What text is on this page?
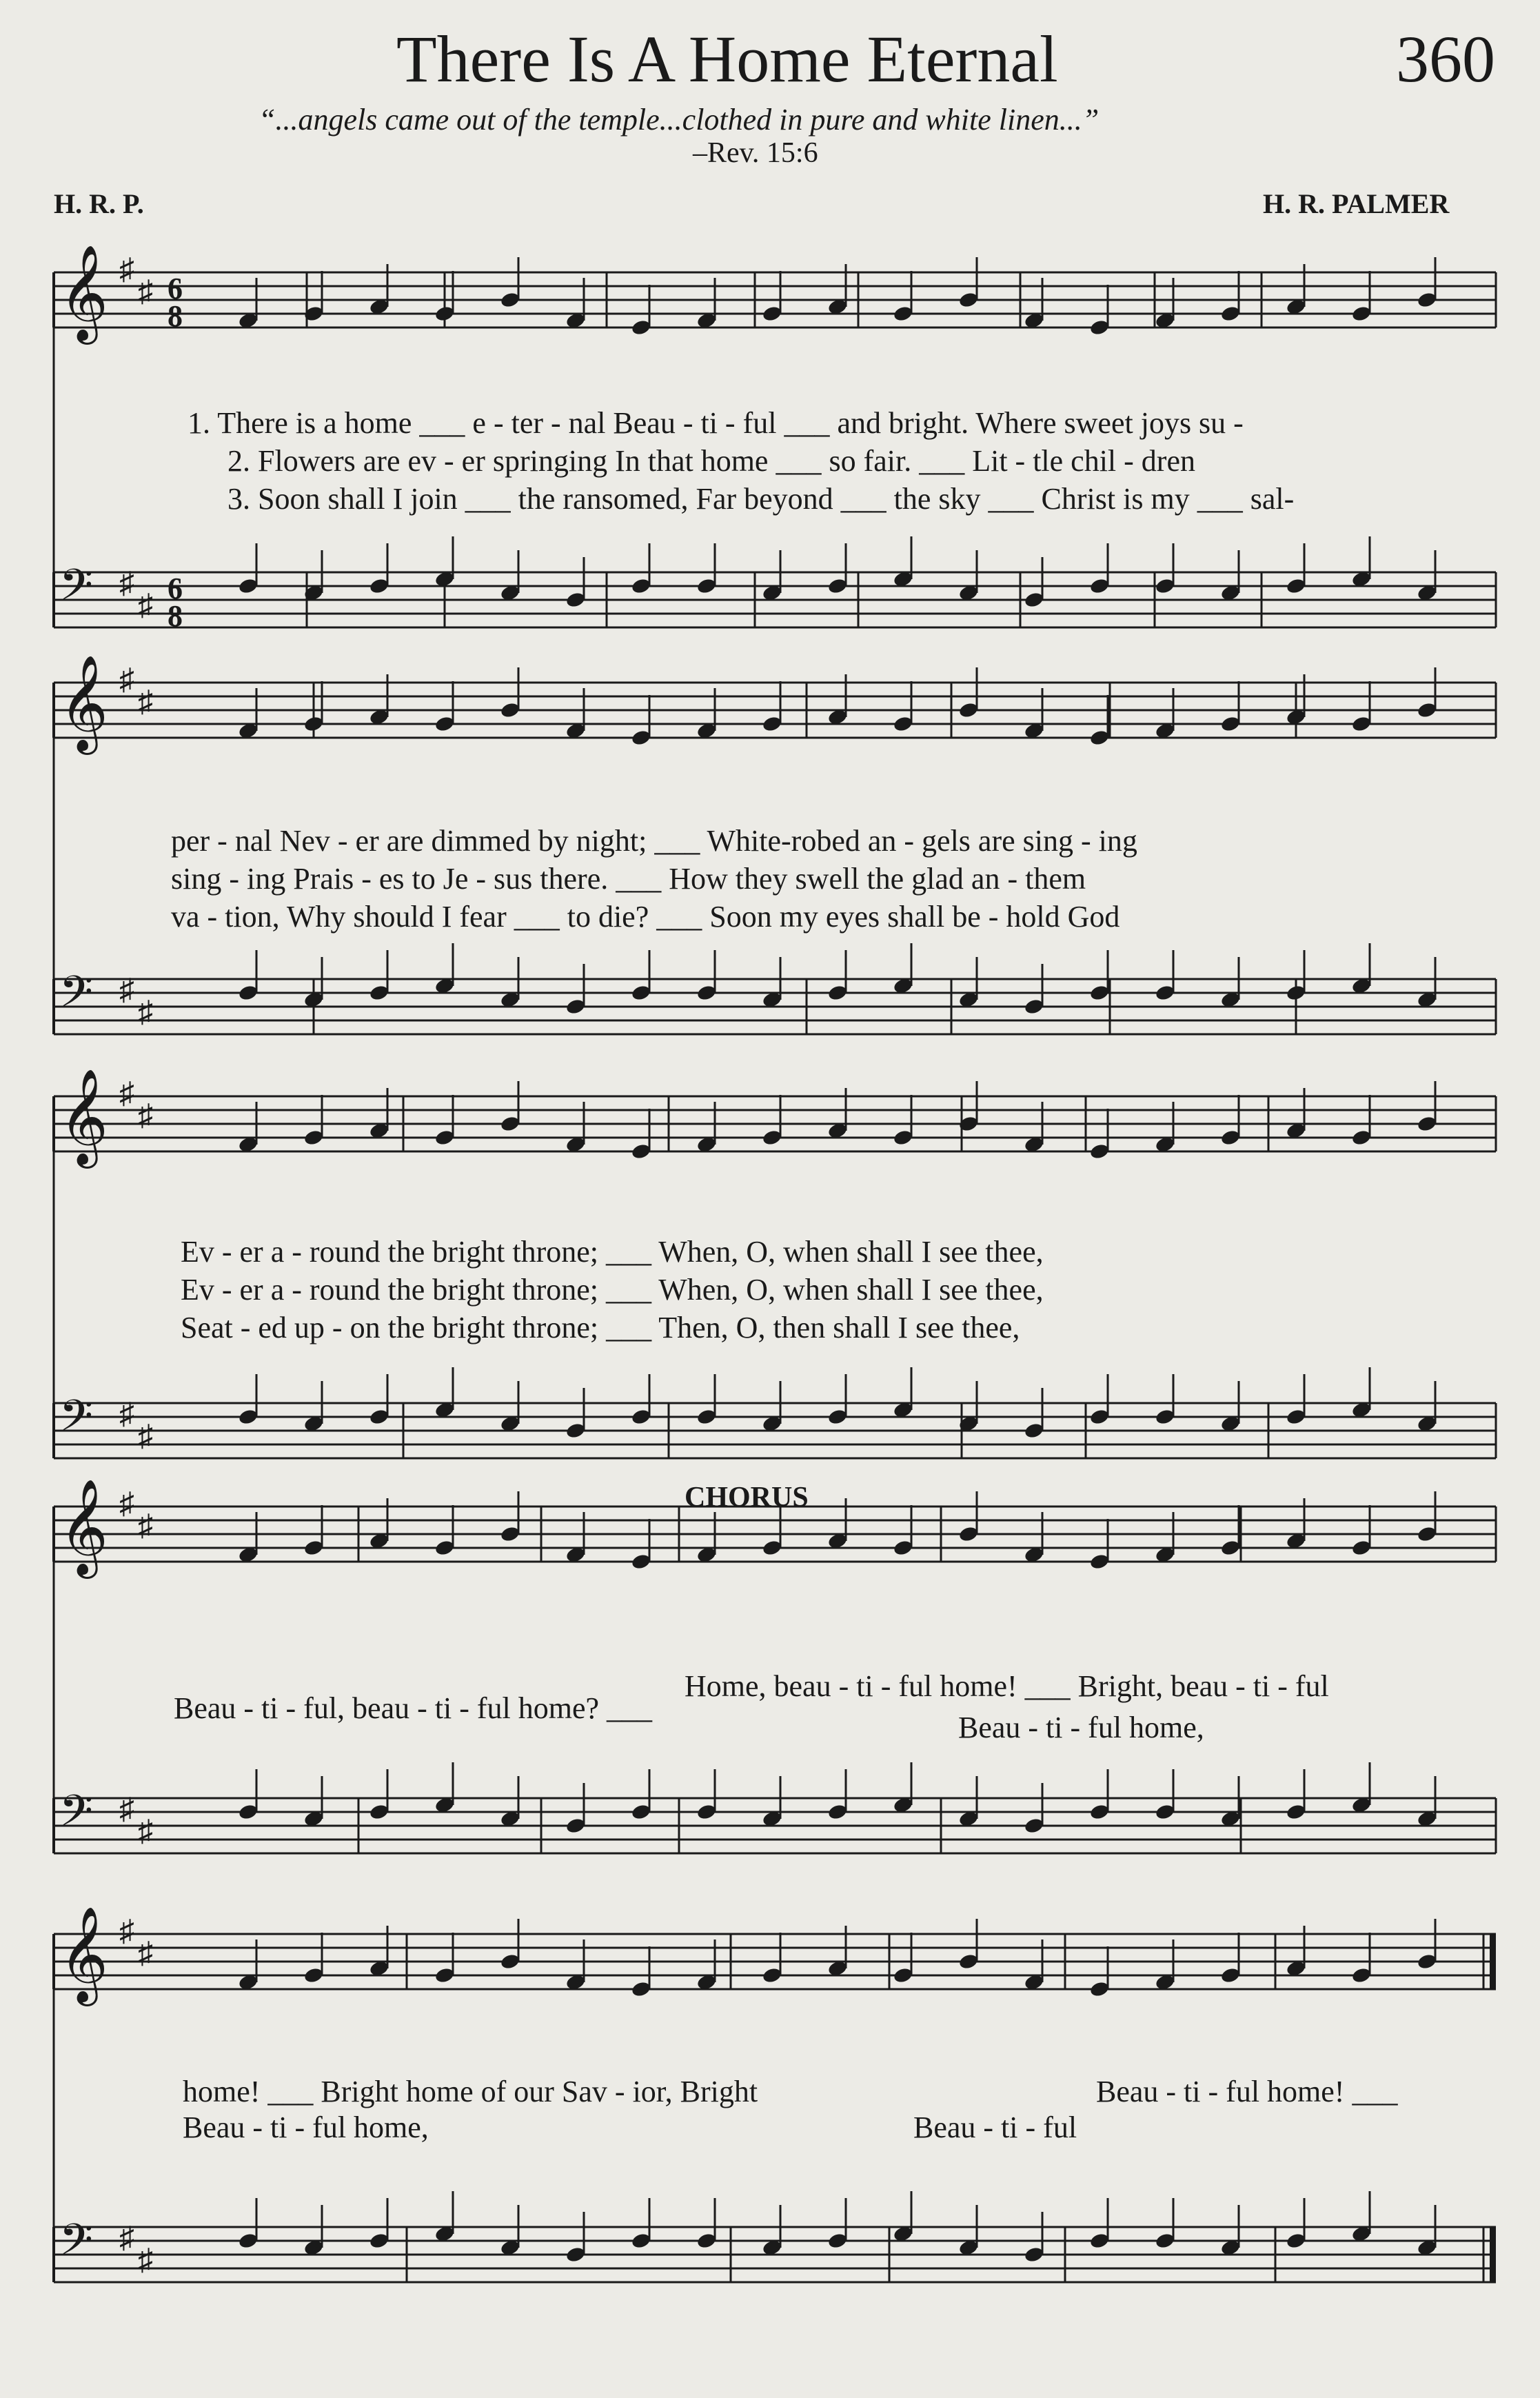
There Is A Home Eternal	360
“...angels came out of the temple...clothed in pure and white linen...”
–Rev. 15:6
H. R. P.	H. R. PALMER
CHORUS
1. There is a home ___ e - ter - nal Beau - ti - ful ___ and bright. Where sweet joys su -
2. Flowers are ev - er springing In that home ___ so fair. ___ Lit - tle chil - dren
3. Soon shall I join ___ the ransomed, Far beyond ___ the sky ___ Christ is my ___ sal-
per - nal Nev - er are dimmed by night; ___ White-robed an - gels are sing - ing
sing - ing Prais - es to Je - sus there. ___ How they swell the glad an - them
va - tion, Why should I fear ___ to die? ___ Soon my eyes shall be - hold God
Ev - er a - round the bright throne; ___ When, O, when shall I see thee,
Ev - er a - round the bright throne; ___ When, O, when shall I see thee,
Seat - ed up - on the bright throne; ___ Then, O, then shall I see thee,
Beau - ti - ful, beau - ti - ful home? ___
Home, beau - ti - ful home! ___ Bright, beau - ti - ful
Beau - ti - ful home,
home! ___ Bright home of our Sav - ior, Bright	Beau - ti - ful home! ___
Beau - ti - ful home,	Beau - ti - ful
𝄞 ♯
♯ 6
8
𝄢 ♯
♯ 6
8
𝄞 ♯
♯
𝄢 ♯
♯
𝄞 ♯
♯
𝄢 ♯
♯
𝄞 ♯
♯
𝄢 ♯
♯
𝄞 ♯
♯
𝄢 ♯
♯
